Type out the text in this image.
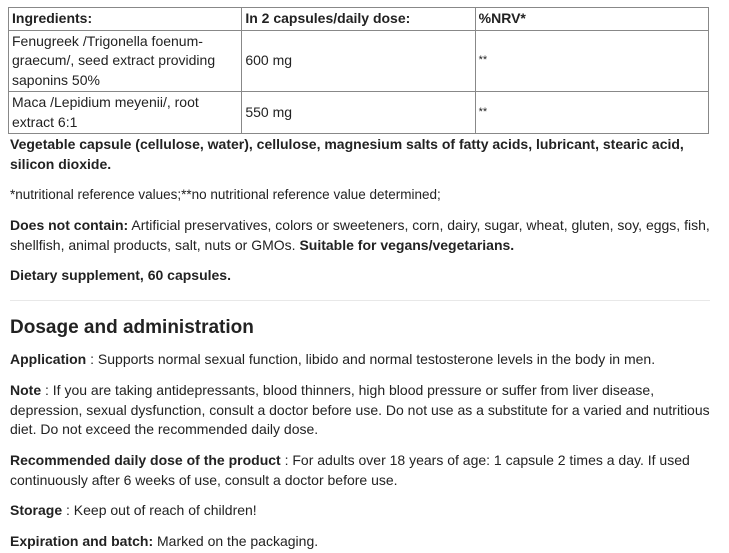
Ingredients:	In 2 capsules/daily dose:	%NRV*
Fenugreek /Trigonella foenum-graecum/, seed extract providing saponins 50%	600 mg	**
Maca /Lepidium meyenii/, root extract 6:1	550 mg	**

Vegetable capsule (cellulose, water), cellulose, magnesium salts of fatty acids, lubricant, stearic acid, silicon dioxide.

*nutritional reference values;**no nutritional reference value determined;

Does not contain: Artificial preservatives, colors or sweeteners, corn, dairy, sugar, wheat, gluten, soy, eggs, fish, shellfish, animal products, salt, nuts or GMOs. Suitable for vegans/vegetarians.

Dietary supplement, 60 capsules.

Dosage and administration

Application : Supports normal sexual function, libido and normal testosterone levels in the body in men.

Note : If you are taking antidepressants, blood thinners, high blood pressure or suffer from liver disease, depression, sexual dysfunction, consult a doctor before use. Do not use as a substitute for a varied and nutritious diet. Do not exceed the recommended daily dose.

Recommended daily dose of the product : For adults over 18 years of age: 1 capsule 2 times a day. If used continuously after 6 weeks of use, consult a doctor before use.

Storage : Keep out of reach of children!

Expiration and batch: Marked on the packaging.
